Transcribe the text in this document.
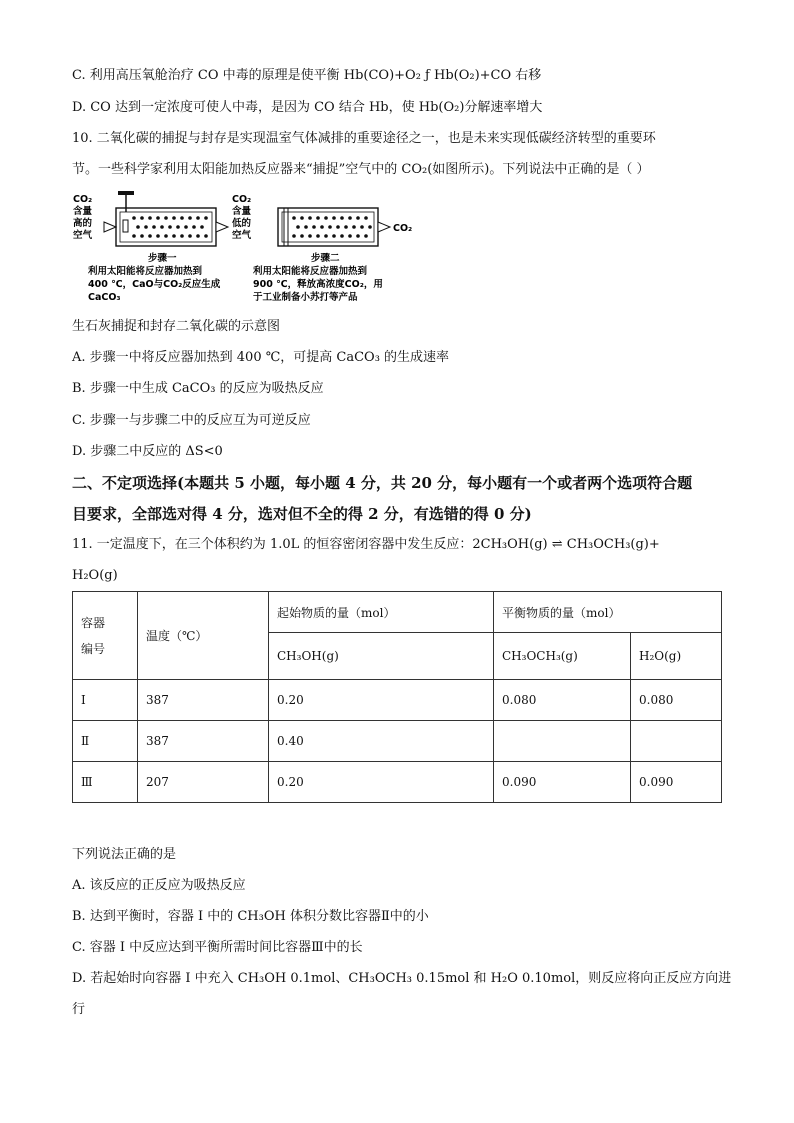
C. 利用高压氧舱治疗 CO 中毒的原理是使平衡 Hb(CO)+O₂ ƒ Hb(O₂)+CO 右移
D. CO 达到一定浓度可使人中毒，是因为 CO 结合 Hb，使 Hb(O₂)分解速率增大
10. 二氧化碳的捕捉与封存是实现温室气体减排的重要途径之一，也是未来实现低碳经济转型的重要环
节。一些科学家利用太阳能加热反应器来“捕捉”空气中的 CO₂(如图所示)。下列说法中正确的是（ ）
CO₂
含量
高的
空气
CO₂
含量
低的
空气
CO₂
步骤一
利用太阳能将反应器加热到
400 ℃，CaO与CO₂反应生成
CaCO₃
步骤二
利用太阳能将反应器加热到
900 ℃，释放高浓度CO₂，用
于工业制备小苏打等产品
生石灰捕捉和封存二氧化碳的示意图
A. 步骤一中将反应器加热到 400 ℃，可提高 CaCO₃ 的生成速率
B. 步骤一中生成 CaCO₃ 的反应为吸热反应
C. 步骤一与步骤二中的反应互为可逆反应
D. 步骤二中反应的 ΔS<0
二、不定项选择(本题共 5 小题，每小题 4 分，共 20 分，每小题有一个或者两个选项符合题
目要求，全部选对得 4 分，选对但不全的得 2 分，有选错的得 0 分)
11. 一定温度下，在三个体积约为 1.0L 的恒容密闭容器中发生反应：2CH₃OH(g) ⇌ CH₃OCH₃(g)+
H₂O(g)
容器
编号	温度（℃）	起始物质的量（mol）	平衡物质的量（mol）	
		CH₃OH(g)	CH₃OCH₃(g)	H₂O(g)
I	387	0.20	0.080	0.080
Ⅱ	387	0.40		
Ⅲ	207	0.20	0.090	0.090
下列说法正确的是
A. 该反应的正反应为吸热反应
B. 达到平衡时，容器 I 中的 CH₃OH 体积分数比容器Ⅱ中的小
C. 容器 I 中反应达到平衡所需时间比容器Ⅲ中的长
D. 若起始时向容器 I 中充入 CH₃OH 0.1mol、CH₃OCH₃ 0.15mol 和 H₂O 0.10mol，则反应将向正反应方向进
行
